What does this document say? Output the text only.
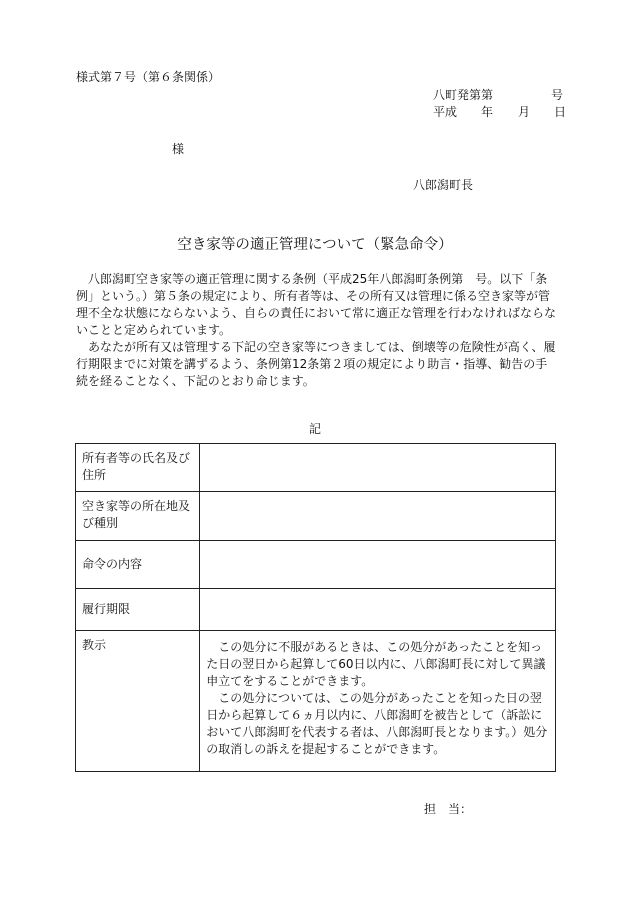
様式第７号（第６条関係）
八町発第第	号
平成	年	月	日
様
八郎潟町長
空き家等の適正管理について（緊急命令）

八郎潟町空き家等の適正管理に関する条例（平成25年八郎潟町条例第　号。以下「条例」という。）第５条の規定により、所有者等は、その所有又は管理に係る空き家等が管理不全な状態にならないよう、自らの責任において常に適正な管理を行わなければならないことと定められています。

あなたが所有又は管理する下記の空き家等につきましては、倒壊等の危険性が高く、履行期限までに対策を講ずるよう、条例第12条第２項の規定により助言・指導、勧告の手続を経ることなく、下記のとおり命じます。

記
所有者等の氏名及び住所	
空き家等の所在地及び種別	
命令の内容	
履行期限	
教示	この処分に不服があるときは、この処分があったことを知った日の翌日から起算して60日以内に、八郎潟町長に対して異議申立てをすることができます。

この処分については、この処分があったことを知った日の翌日から起算して６ヵ月以内に、八郎潟町を被告として（訴訟において八郎潟町を代表する者は、八郎潟町長となります。）処分の取消しの訴えを提起することができます。

担　当：
